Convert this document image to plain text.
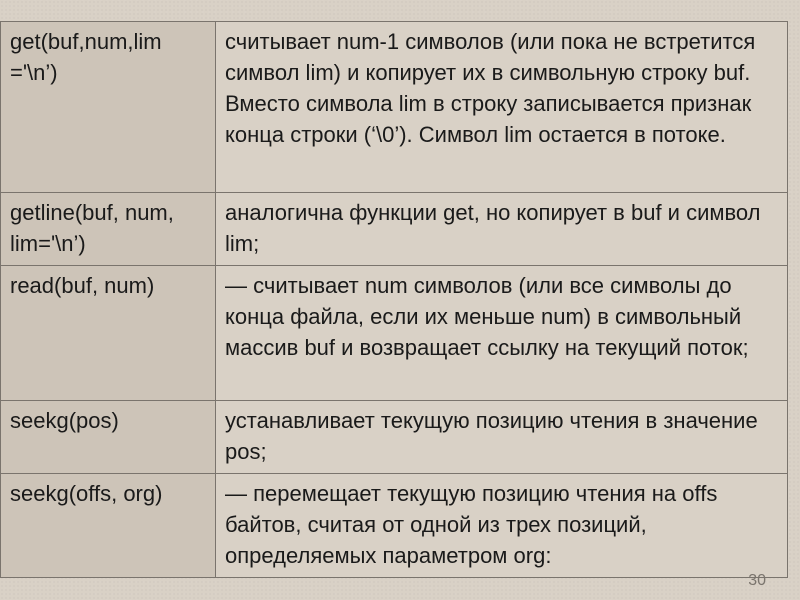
get(buf,num,lim ='\n’)	считывает num-1 символов (или пока не встретится символ lim) и копирует их в символьную строку buf. Вместо символа lim в строку записывается признак конца строки (‘\0’). Символ lim остается в потоке.
getline(buf, num, lim='\n’)	аналогична функции get, но копирует в buf и символ lim;
read(buf, num)	— считывает num символов (или все символы до конца файла, если их меньше num) в символьный массив buf и возвращает ссылку на текущий поток;
seekg(pos)	устанавливает текущую позицию чтения в значение pos;
seekg(offs, org)	— перемещает текущую позицию чтения на offs байтов, считая от одной из трех позиций, определяемых параметром org:
30
